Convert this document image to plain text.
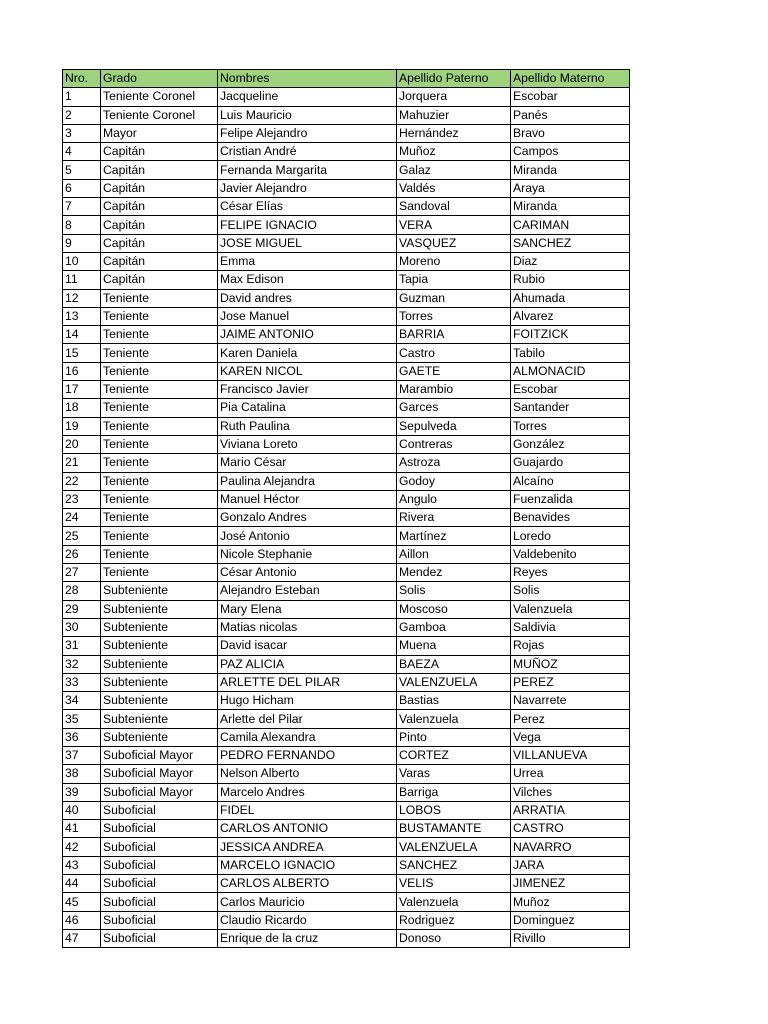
Nro.	Grado	Nombres	Apellido Paterno	Apellido Materno
1	Teniente Coronel	Jacqueline	Jorquera	Escobar
2	Teniente Coronel	Luis Mauricio	Mahuzier	Panés
3	Mayor	Felipe Alejandro	Hernández	Bravo
4	Capitán	Cristian André	Muñoz	Campos
5	Capitán	Fernanda Margarita	Galaz	Miranda
6	Capitán	Javier Alejandro	Valdés	Araya
7	Capitán	César Elías	Sandoval	Miranda
8	Capitán	FELIPE IGNACIO	VERA	CARIMAN
9	Capitán	JOSE MIGUEL	VASQUEZ	SANCHEZ
10	Capitán	Emma	Moreno	Diaz
11	Capitán	Max Edison	Tapia	Rubio
12	Teniente	David andres	Guzman	Ahumada
13	Teniente	Jose Manuel	Torres	Alvarez
14	Teniente	JAIME ANTONIO	BARRIA	FOITZICK
15	Teniente	Karen Daniela	Castro	Tabilo
16	Teniente	KAREN NICOL	GAETE	ALMONACID
17	Teniente	Francisco Javier	Marambio	Escobar
18	Teniente	Pia Catalina	Garces	Santander
19	Teniente	Ruth Paulina	Sepulveda	Torres
20	Teniente	Viviana Loreto	Contreras	González
21	Teniente	Mario César	Astroza	Guajardo
22	Teniente	Paulina Alejandra	Godoy	Alcaíno
23	Teniente	Manuel Héctor	Angulo	Fuenzalida
24	Teniente	Gonzalo Andres	Rivera	Benavides
25	Teniente	José Antonio	Martínez	Loredo
26	Teniente	Nicole Stephanie	Aillon	Valdebenito
27	Teniente	César Antonio	Mendez	Reyes
28	Subteniente	Alejandro Esteban	Solis	Solis
29	Subteniente	Mary Elena	Moscoso	Valenzuela
30	Subteniente	Matias nicolas	Gamboa	Saldivia
31	Subteniente	David isacar	Muena	Rojas
32	Subteniente	PAZ ALICIA	BAEZA	MUÑOZ
33	Subteniente	ARLETTE DEL PILAR	VALENZUELA	PEREZ
34	Subteniente	Hugo Hicham	Bastias	Navarrete
35	Subteniente	Arlette del Pilar	Valenzuela	Perez
36	Subteniente	Camila Alexandra	Pinto	Vega
37	Suboficial Mayor	PEDRO FERNANDO	CORTEZ	VILLANUEVA
38	Suboficial Mayor	Nelson Alberto	Varas	Urrea
39	Suboficial Mayor	Marcelo Andres	Barriga	Vilches
40	Suboficial	FIDEL	LOBOS	ARRATIA
41	Suboficial	CARLOS ANTONIO	BUSTAMANTE	CASTRO
42	Suboficial	JESSICA ANDREA	VALENZUELA	NAVARRO
43	Suboficial	MARCELO IGNACIO	SANCHEZ	JARA
44	Suboficial	CARLOS ALBERTO	VELIS	JIMENEZ
45	Suboficial	Carlos Mauricio	Valenzuela	Muñoz
46	Suboficial	Claudio Ricardo	Rodriguez	Dominguez
47	Suboficial	Enrique de la cruz	Donoso	Rivillo
